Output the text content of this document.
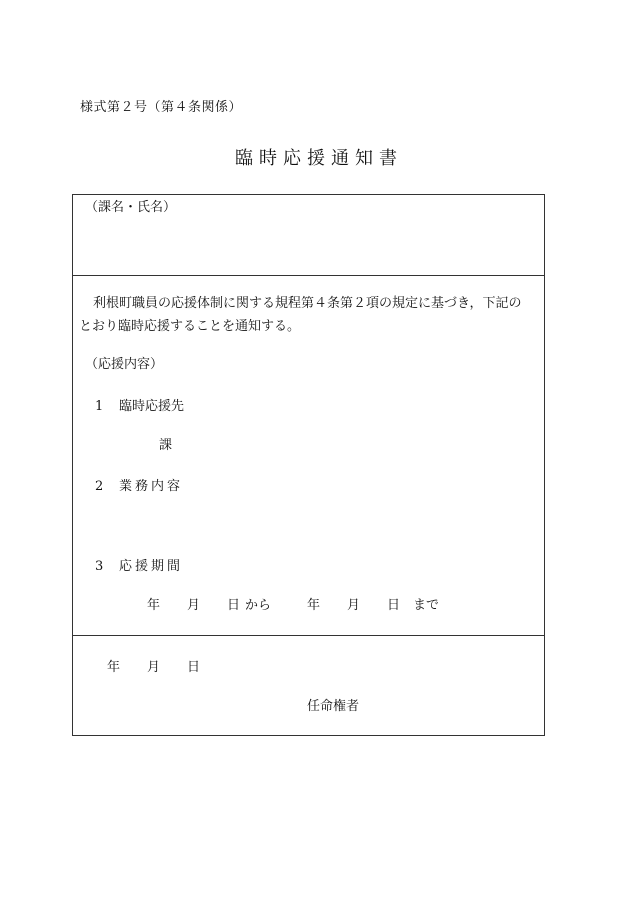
様式第２号（第４条関係）
臨時応援通知書
（課名・氏名）
利根町職員の応援体制に関する規程第４条第２項の規定に基づき，下記の
とおり臨時応援することを通知する。
（応援内容）
1 臨時応援先
課
2 業務内容
3 応援期間
年 月 日 から	年 月 日 まで
年 月 日
任命権者
